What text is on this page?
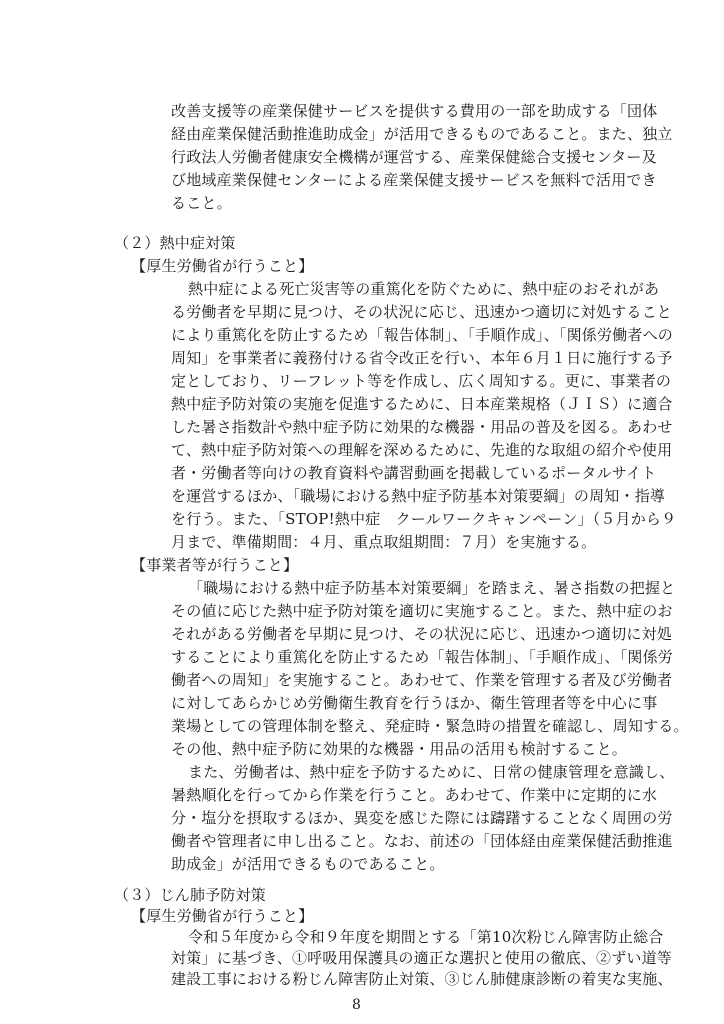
改善支援等の産業保健サービスを提供する費用の一部を助成する「団体
経由産業保健活動推進助成金」が活用できるものであること。また、独立
行政法人労働者健康安全機構が運営する、産業保健総合支援センター及
び地域産業保健センターによる産業保健支援サービスを無料で活用でき
ること。
（２）熱中症対策
【厚生労働省が行うこと】
熱中症による死亡災害等の重篤化を防ぐために、熱中症のおそれがあ
る労働者を早期に見つけ、その状況に応じ、迅速かつ適切に対処すること
により重篤化を防止するため「報告体制」、「手順作成」、「関係労働者への
周知」を事業者に義務付ける省令改正を行い、本年６月１日に施行する予
定としており、リーフレット等を作成し、広く周知する。更に、事業者の
熱中症予防対策の実施を促進するために、日本産業規格（ＪＩＳ）に適合
した暑さ指数計や熱中症予防に効果的な機器・用品の普及を図る。あわせ
て、熱中症予防対策への理解を深めるために、先進的な取組の紹介や使用
者・労働者等向けの教育資料や講習動画を掲載しているポータルサイト
を運営するほか、「職場における熱中症予防基本対策要綱」の周知・指導
を行う。また、「STOP!熱中症　クールワークキャンペーン」（５月から９
月まで、準備期間：４月、重点取組期間：７月）を実施する。
【事業者等が行うこと】
「職場における熱中症予防基本対策要綱」を踏まえ、暑さ指数の把握と
その値に応じた熱中症予防対策を適切に実施すること。また、熱中症のお
それがある労働者を早期に見つけ、その状況に応じ、迅速かつ適切に対処
することにより重篤化を防止するため「報告体制」、「手順作成」、「関係労
働者への周知」を実施すること。あわせて、作業を管理する者及び労働者
に対してあらかじめ労働衛生教育を行うほか、衛生管理者等を中心に事
業場としての管理体制を整え、発症時・緊急時の措置を確認し、周知する。
その他、熱中症予防に効果的な機器・用品の活用も検討すること。
また、労働者は、熱中症を予防するために、日常の健康管理を意識し、
暑熱順化を行ってから作業を行うこと。あわせて、作業中に定期的に水
分・塩分を摂取するほか、異変を感じた際には躊躇することなく周囲の労
働者や管理者に申し出ること。なお、前述の「団体経由産業保健活動推進
助成金」が活用できるものであること。
（３）じん肺予防対策
【厚生労働省が行うこと】
令和５年度から令和９年度を期間とする「第10次粉じん障害防止総合
対策」に基づき、①呼吸用保護具の適正な選択と使用の徹底、②ずい道等
建設工事における粉じん障害防止対策、③じん肺健康診断の着実な実施、
8
